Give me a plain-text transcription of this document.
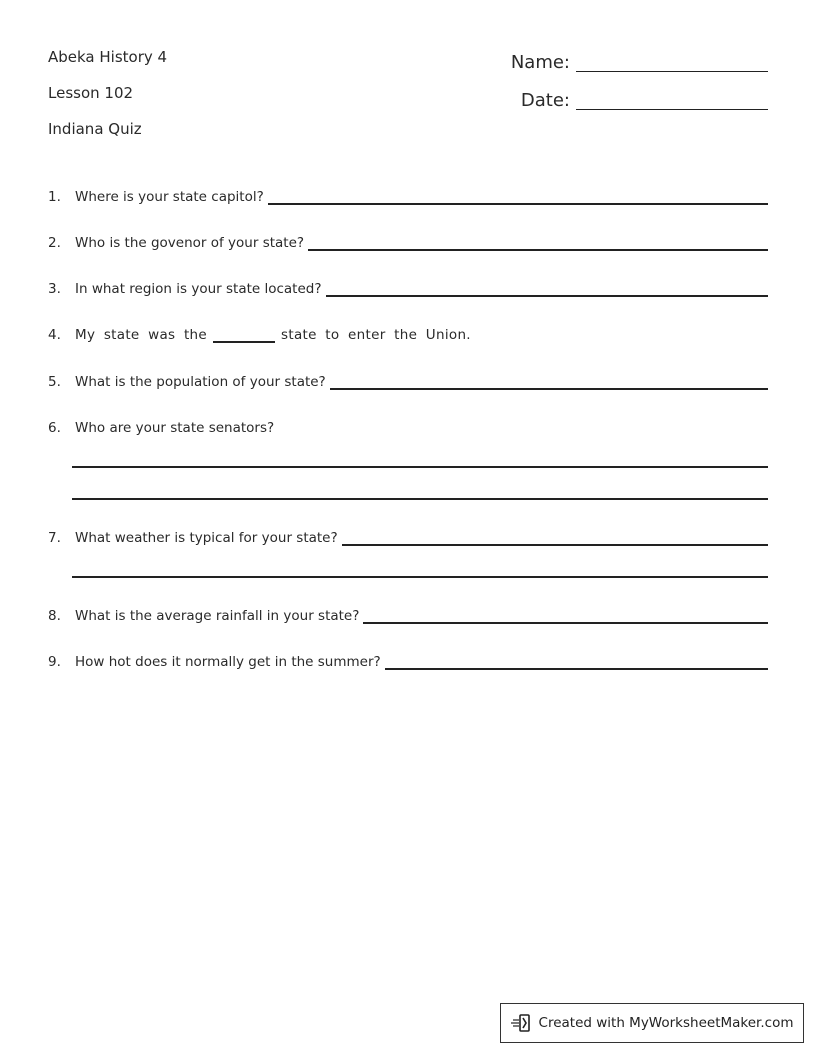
Abeka History 4
Lesson 102
Indiana Quiz
Name:
Date:
1.	Where is your state capitol?
2.	Who is the govenor of your state?
3.	In what region is your state located?
4.	My state was the	state to enter the Union.
5.	What is the population of your state?
6.	Who are your state senators?
7.	What weather is typical for your state?
8.	What is the average rainfall in your state?
9.	How hot does it normally get in the summer?
Created with MyWorksheetMaker.com
